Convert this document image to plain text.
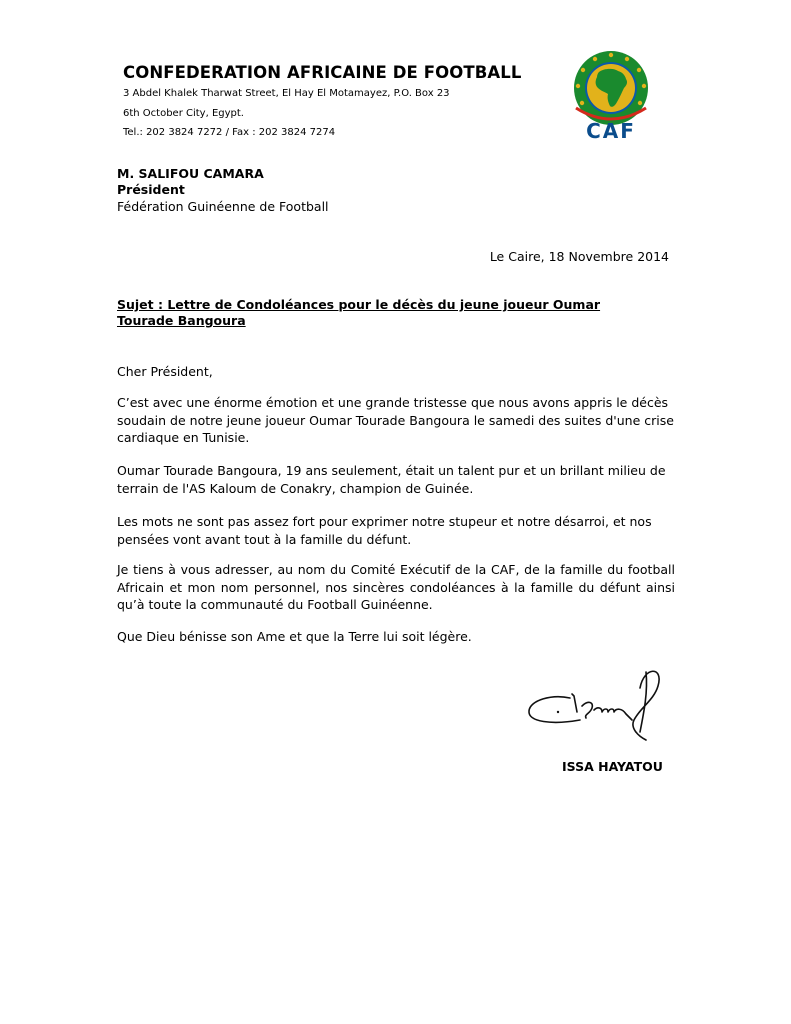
CONFEDERATION AFRICAINE DE FOOTBALL
3 Abdel Khalek Tharwat Street, El Hay El Motamayez, P.O. Box 23
6th October City, Egypt.
Tel.: 202 3824 7272 / Fax : 202 3824 7274	CAF
M. SALIFOU CAMARA
Président
Fédération Guinéenne de Football
Le Caire, 18 Novembre 2014
Sujet : Lettre de Condoléances pour le décès du jeune joueur Oumar Tourade Bangoura
Cher Président,
C’est avec une énorme émotion et une grande tristesse que nous avons appris le décès soudain de notre jeune joueur Oumar Tourade Bangoura le samedi des suites d'une crise cardiaque en Tunisie.
Oumar Tourade Bangoura, 19 ans seulement, était un talent pur et un brillant milieu de terrain de l'AS Kaloum de Conakry, champion de Guinée.
Les mots ne sont pas assez fort pour exprimer notre stupeur et notre désarroi, et nos pensées vont avant tout à la famille du défunt.
Je tiens à vous adresser, au nom du Comité Exécutif de la CAF, de la famille du football Africain et mon nom personnel, nos sincères condoléances à la famille du défunt ainsi qu’à toute la communauté du Football Guinéenne.
Que Dieu bénisse son Ame et que la Terre lui soit légère.
ISSA HAYATOU
